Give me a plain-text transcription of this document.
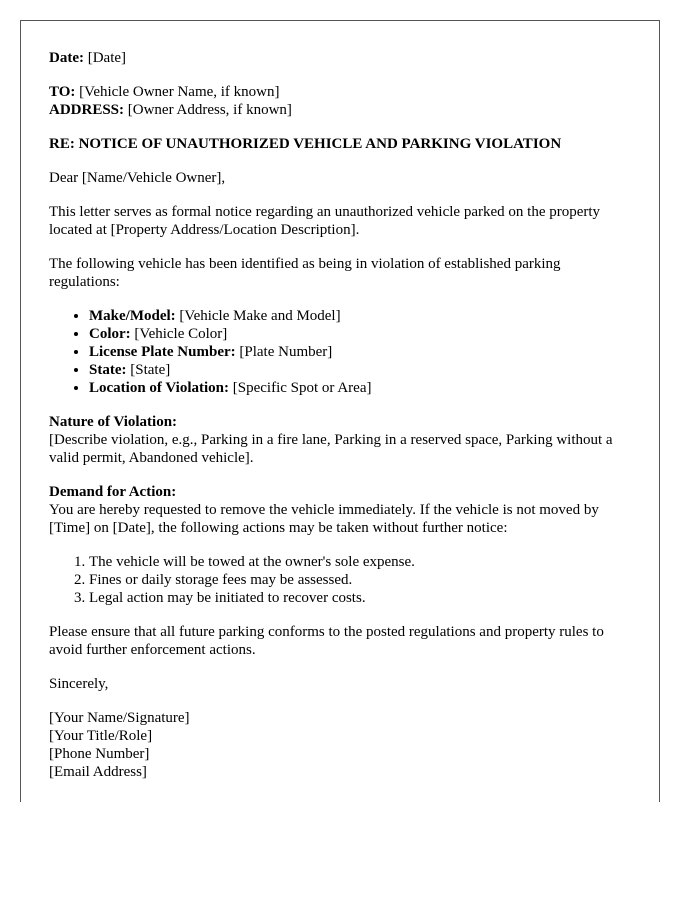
Date: [Date]

TO: [Vehicle Owner Name, if known]
ADDRESS: [Owner Address, if known]

RE: NOTICE OF UNAUTHORIZED VEHICLE AND PARKING VIOLATION

Dear [Name/Vehicle Owner],

This letter serves as formal notice regarding an unauthorized vehicle parked on the property located at [Property Address/Location Description].

The following vehicle has been identified as being in violation of established parking regulations:

• Make/Model: [Vehicle Make and Model]
• Color: [Vehicle Color]
• License Plate Number: [Plate Number]
• State: [State]
• Location of Violation: [Specific Spot or Area]

Nature of Violation:
[Describe violation, e.g., Parking in a fire lane, Parking in a reserved space, Parking without a valid permit, Abandoned vehicle].

Demand for Action:
You are hereby requested to remove the vehicle immediately. If the vehicle is not moved by [Time] on [Date], the following actions may be taken without further notice:

1. The vehicle will be towed at the owner's sole expense.
2. Fines or daily storage fees may be assessed.
3. Legal action may be initiated to recover costs.

Please ensure that all future parking conforms to the posted regulations and property rules to avoid further enforcement actions.

Sincerely,

[Your Name/Signature]
[Your Title/Role]
[Phone Number]
[Email Address]
